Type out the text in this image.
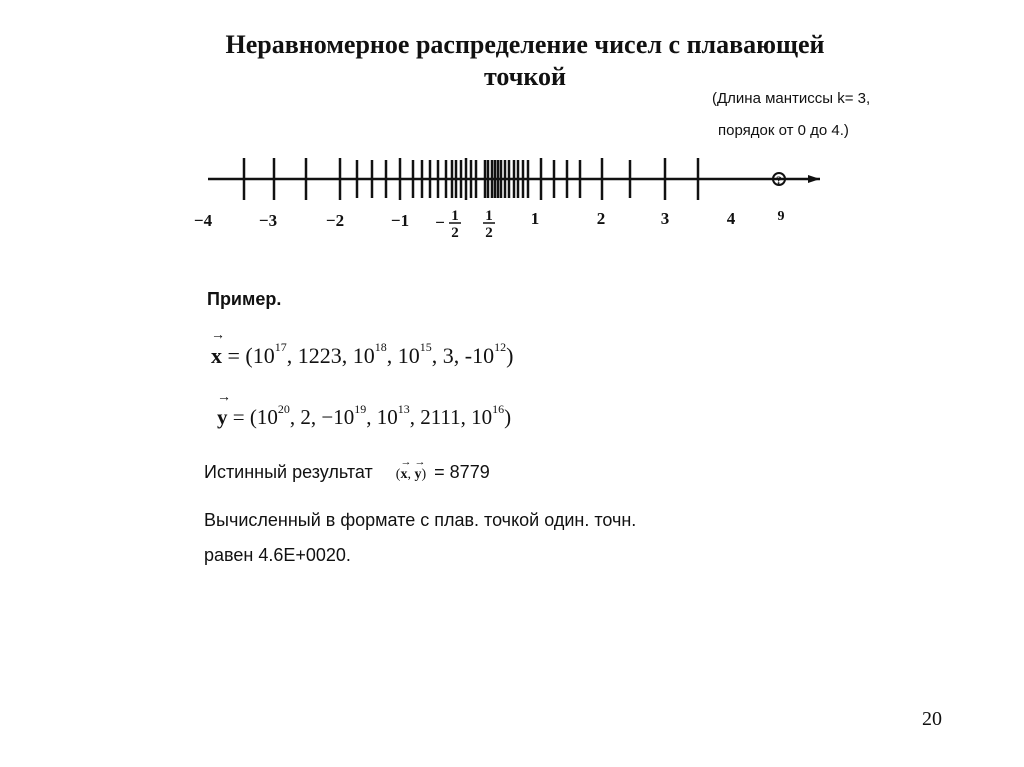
Неравномерное распределение чисел с плавающей
точкой
(Длина мантиссы k= 3,
порядок от 0 до 4.)
?
−4	−3	−2	−1 − 1
2
1
2
1	2	3	4	9
Пример.
→
$x = (10^{17}$, 1223, $10^{18}$, $10^{15}$, 3, $-10^{12}$)
→
$y = (10^{20}$, 2, $-10^{19}$, $10^{13}$, 2111, $10^{16}$)
Истинный результат (
→
x,
→
y) = 8779
Вычисленный в формате с плав. точкой один. точн.
равен 4.6E+0020.
20
